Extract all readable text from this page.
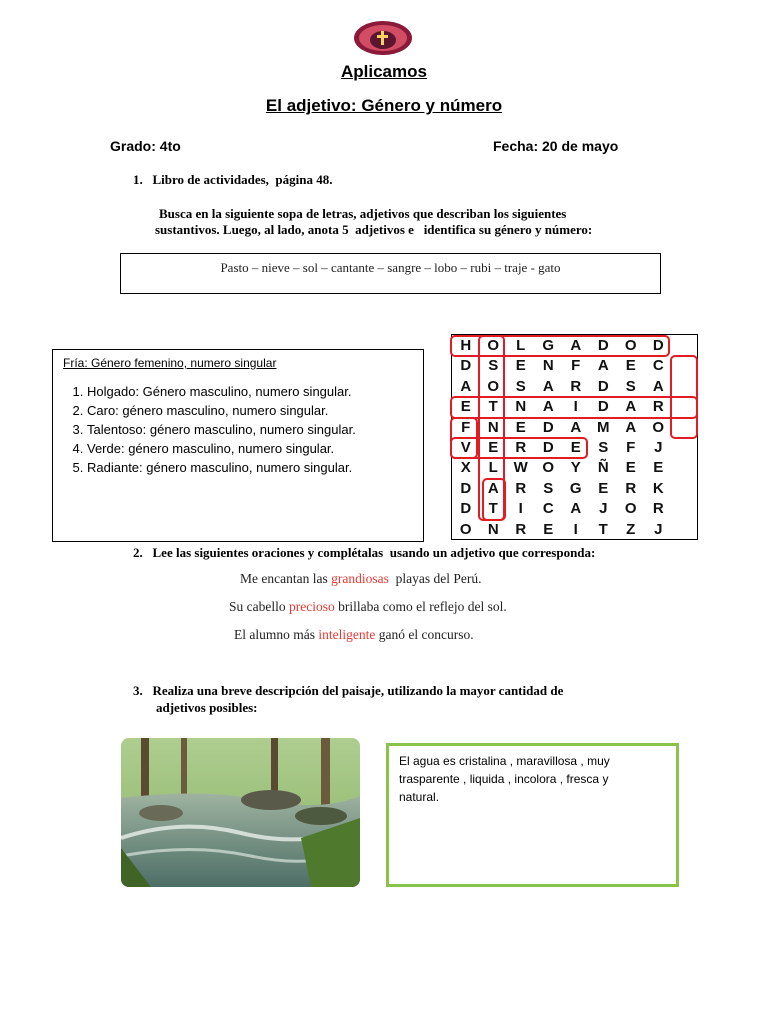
Aplicamos
El adjetivo: Género y número
Grado: 4to	Fecha: 20 de mayo
1.   Libro de actividades,  página 48.
Busca en la siguiente sopa de letras, adjetivos que describan los siguientes
sustantivos. Luego, al lado, anota 5  adjetivos e   identifica su género y número:
Pasto – nieve – sol – cantante – sangre – lobo – rubi – traje - gato
Fría: Género femenino, numero singular
1. Holgado: Género masculino, numero singular.
2. Caro: género masculino, numero singular.
3. Talentoso: género masculino, numero singular.
4. Verde: género masculino, numero singular.
5. Radiante: género masculino, numero singular.
H	O	L	G	A	D	O	D
D	S	E	N	F	A	E	C
A	O	S	A	R	D	S	A
E	T	N	A	I	D	A	R
F	N	E	D	A	M	A	O
V	E	R	D	E	S	F	J
X	L	W O	Y	Ñ	E	E
D	A	R	S	G	E	R	K
D	T	I	C	A	J	O	R
O	N	R	E	I	T	Z	J
2.   Lee las siguientes oraciones y complétalas  usando un adjetivo que corresponda:
Me encantan las grandiosas  playas del Perú.
Su cabello precioso brillaba como el reflejo del sol.
El alumno más inteligente ganó el concurso.
3.   Realiza una breve descripción del paisaje, utilizando la mayor cantidad de
adjetivos posibles:
El agua es cristalina , maravillosa , muy trasparente , liquida , incolora , fresca y natural.
